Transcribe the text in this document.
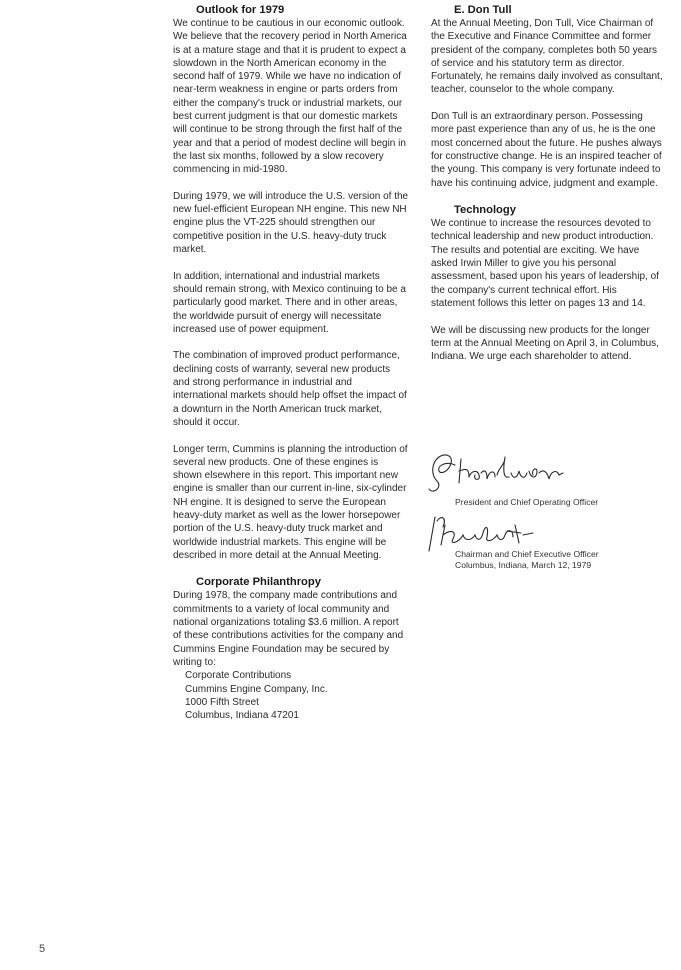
Outlook for 1979

We continue to be cautious in our economic outlook. We believe that the recovery period in North America is at a mature stage and that it is prudent to expect a slowdown in the North American economy in the second half of 1979. While we have no indication of near-term weakness in engine or parts orders from either the company's truck or industrial markets, our best current judgment is that our domestic markets will continue to be strong through the first half of the year and that a period of modest decline will begin in the last six months, followed by a slow recovery commencing in mid-1980.

During 1979, we will introduce the U.S. version of the new fuel-efficient European NH engine. This new NH engine plus the VT-225 should strengthen our competitive position in the U.S. heavy-duty truck market.

In addition, international and industrial markets should remain strong, with Mexico continuing to be a particularly good market. There and in other areas, the worldwide pursuit of energy will necessitate increased use of power equipment.

The combination of improved product performance, declining costs of warranty, several new products and strong performance in industrial and international markets should help offset the impact of a downturn in the North American truck market, should it occur.

Longer term, Cummins is planning the introduction of several new products. One of these engines is shown elsewhere in this report. This important new engine is smaller than our current in-line, six-cylinder NH engine. It is designed to serve the European heavy-duty market as well as the lower horsepower portion of the U.S. heavy-duty truck market and worldwide industrial markets. This engine will be described in more detail at the Annual Meeting.

Corporate Philanthropy

During 1978, the company made contributions and commitments to a variety of local community and national organizations totaling $3.6 million. A report of these contributions activities for the company and Cummins Engine Foundation may be secured by writing to:

Corporate Contributions
Cummins Engine Company, Inc.
1000 Fifth Street
Columbus, Indiana 47201
E. Don Tull

At the Annual Meeting, Don Tull, Vice Chairman of the Executive and Finance Committee and former president of the company, completes both 50 years of service and his statutory term as director. Fortunately, he remains daily involved as consultant, teacher, counselor to the whole company.

Don Tull is an extraordinary person. Possessing more past experience than any of us, he is the one most concerned about the future. He pushes always for constructive change. He is an inspired teacher of the young. This company is very fortunate indeed to have his continuing advice, judgment and example.

Technology

We continue to increase the resources devoted to technical leadership and new product introduction. The results and potential are exciting. We have asked Irwin Miller to give you his personal assessment, based upon his years of leadership, of the company's current technical effort. His statement follows this letter on pages 13 and 14.

We will be discussing new products for the longer term at the Annual Meeting on April 3, in Columbus, Indiana. We urge each shareholder to attend.

President and Chief Operating Officer
Chairman and Chief Executive Officer
Columbus, Indiana, March 12, 1979
5
